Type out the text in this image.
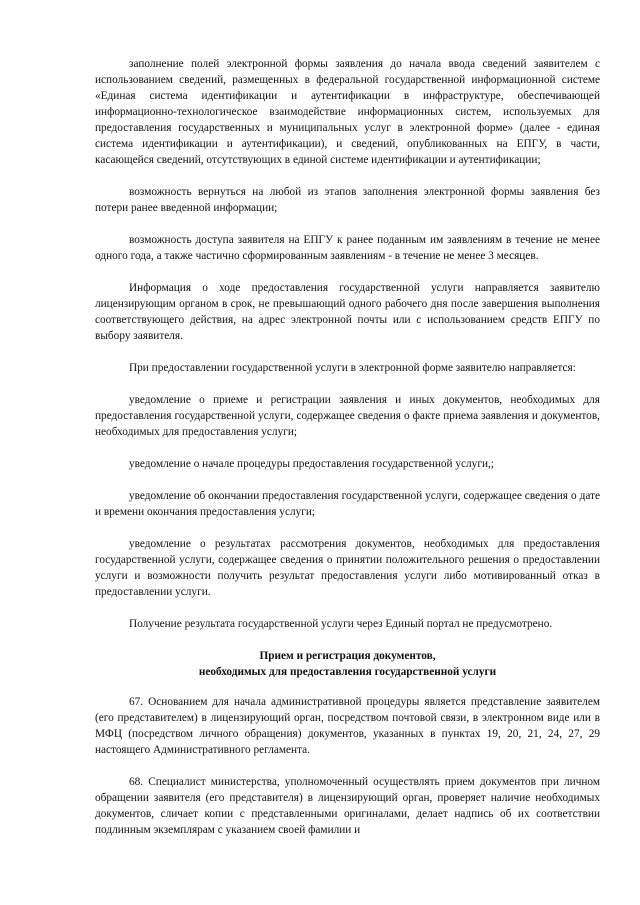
заполнение полей электронной формы заявления до начала ввода сведений заявителем с использованием сведений, размещенных в федеральной государственной информационной системе «Единая система идентификации и аутентификации в инфраструктуре, обеспечивающей информационно-технологическое взаимодействие информационных систем, используемых для предоставления государственных и муниципальных услуг в электронной форме» (далее - единая система идентификации и аутентификации), и сведений, опубликованных на ЕПГУ, в части, касающейся сведений, отсутствующих в единой системе идентификации и аутентификации;

возможность вернуться на любой из этапов заполнения электронной формы заявления без потери ранее введенной информации;

возможность доступа заявителя на ЕПГУ к ранее поданным им заявлениям в течение не менее одного года, а также частично сформированным заявлениям - в течение не менее 3 месяцев.

Информация о ходе предоставления государственной услуги направляется заявителю лицензирующим органом в срок, не превышающий одного рабочего дня после завершения выполнения соответствующего действия, на адрес электронной почты или с использованием средств ЕПГУ по выбору заявителя.

При предоставлении государственной услуги в электронной форме заявителю направляется:

уведомление о приеме и регистрации заявления и иных документов, необходимых для предоставления государственной услуги, содержащее сведения о факте приема заявления и документов, необходимых для предоставления услуги;

уведомление о начале процедуры предоставления государственной услуги,;

уведомление об окончании предоставления государственной услуги, содержащее сведения о дате и времени окончания предоставления услуги;

уведомление о результатах рассмотрения документов, необходимых для предоставления государственной услуги, содержащее сведения о принятии положительного решения о предоставлении услуги и возможности получить результат предоставления услуги либо мотивированный отказ в предоставлении услуги.

Получение результата государственной услуги через Единый портал не предусмотрено.

Прием и регистрация документов,
необходимых для предоставления государственной услуги

67. Основанием для начала административной процедуры является представление заявителем (его представителем) в лицензирующий орган, посредством почтовой связи, в электронном виде или в МФЦ (посредством личного обращения) документов, указанных в пунктах 19, 20, 21, 24, 27, 29 настоящего Административного регламента.

68. Специалист министерства, уполномоченный осуществлять прием документов при личном обращении заявителя (его представителя) в лицензирующий орган, проверяет наличие необходимых документов, сличает копии с представленными оригиналами, делает надпись об их соответствии подлинным экземплярам с указанием своей фамилии и
